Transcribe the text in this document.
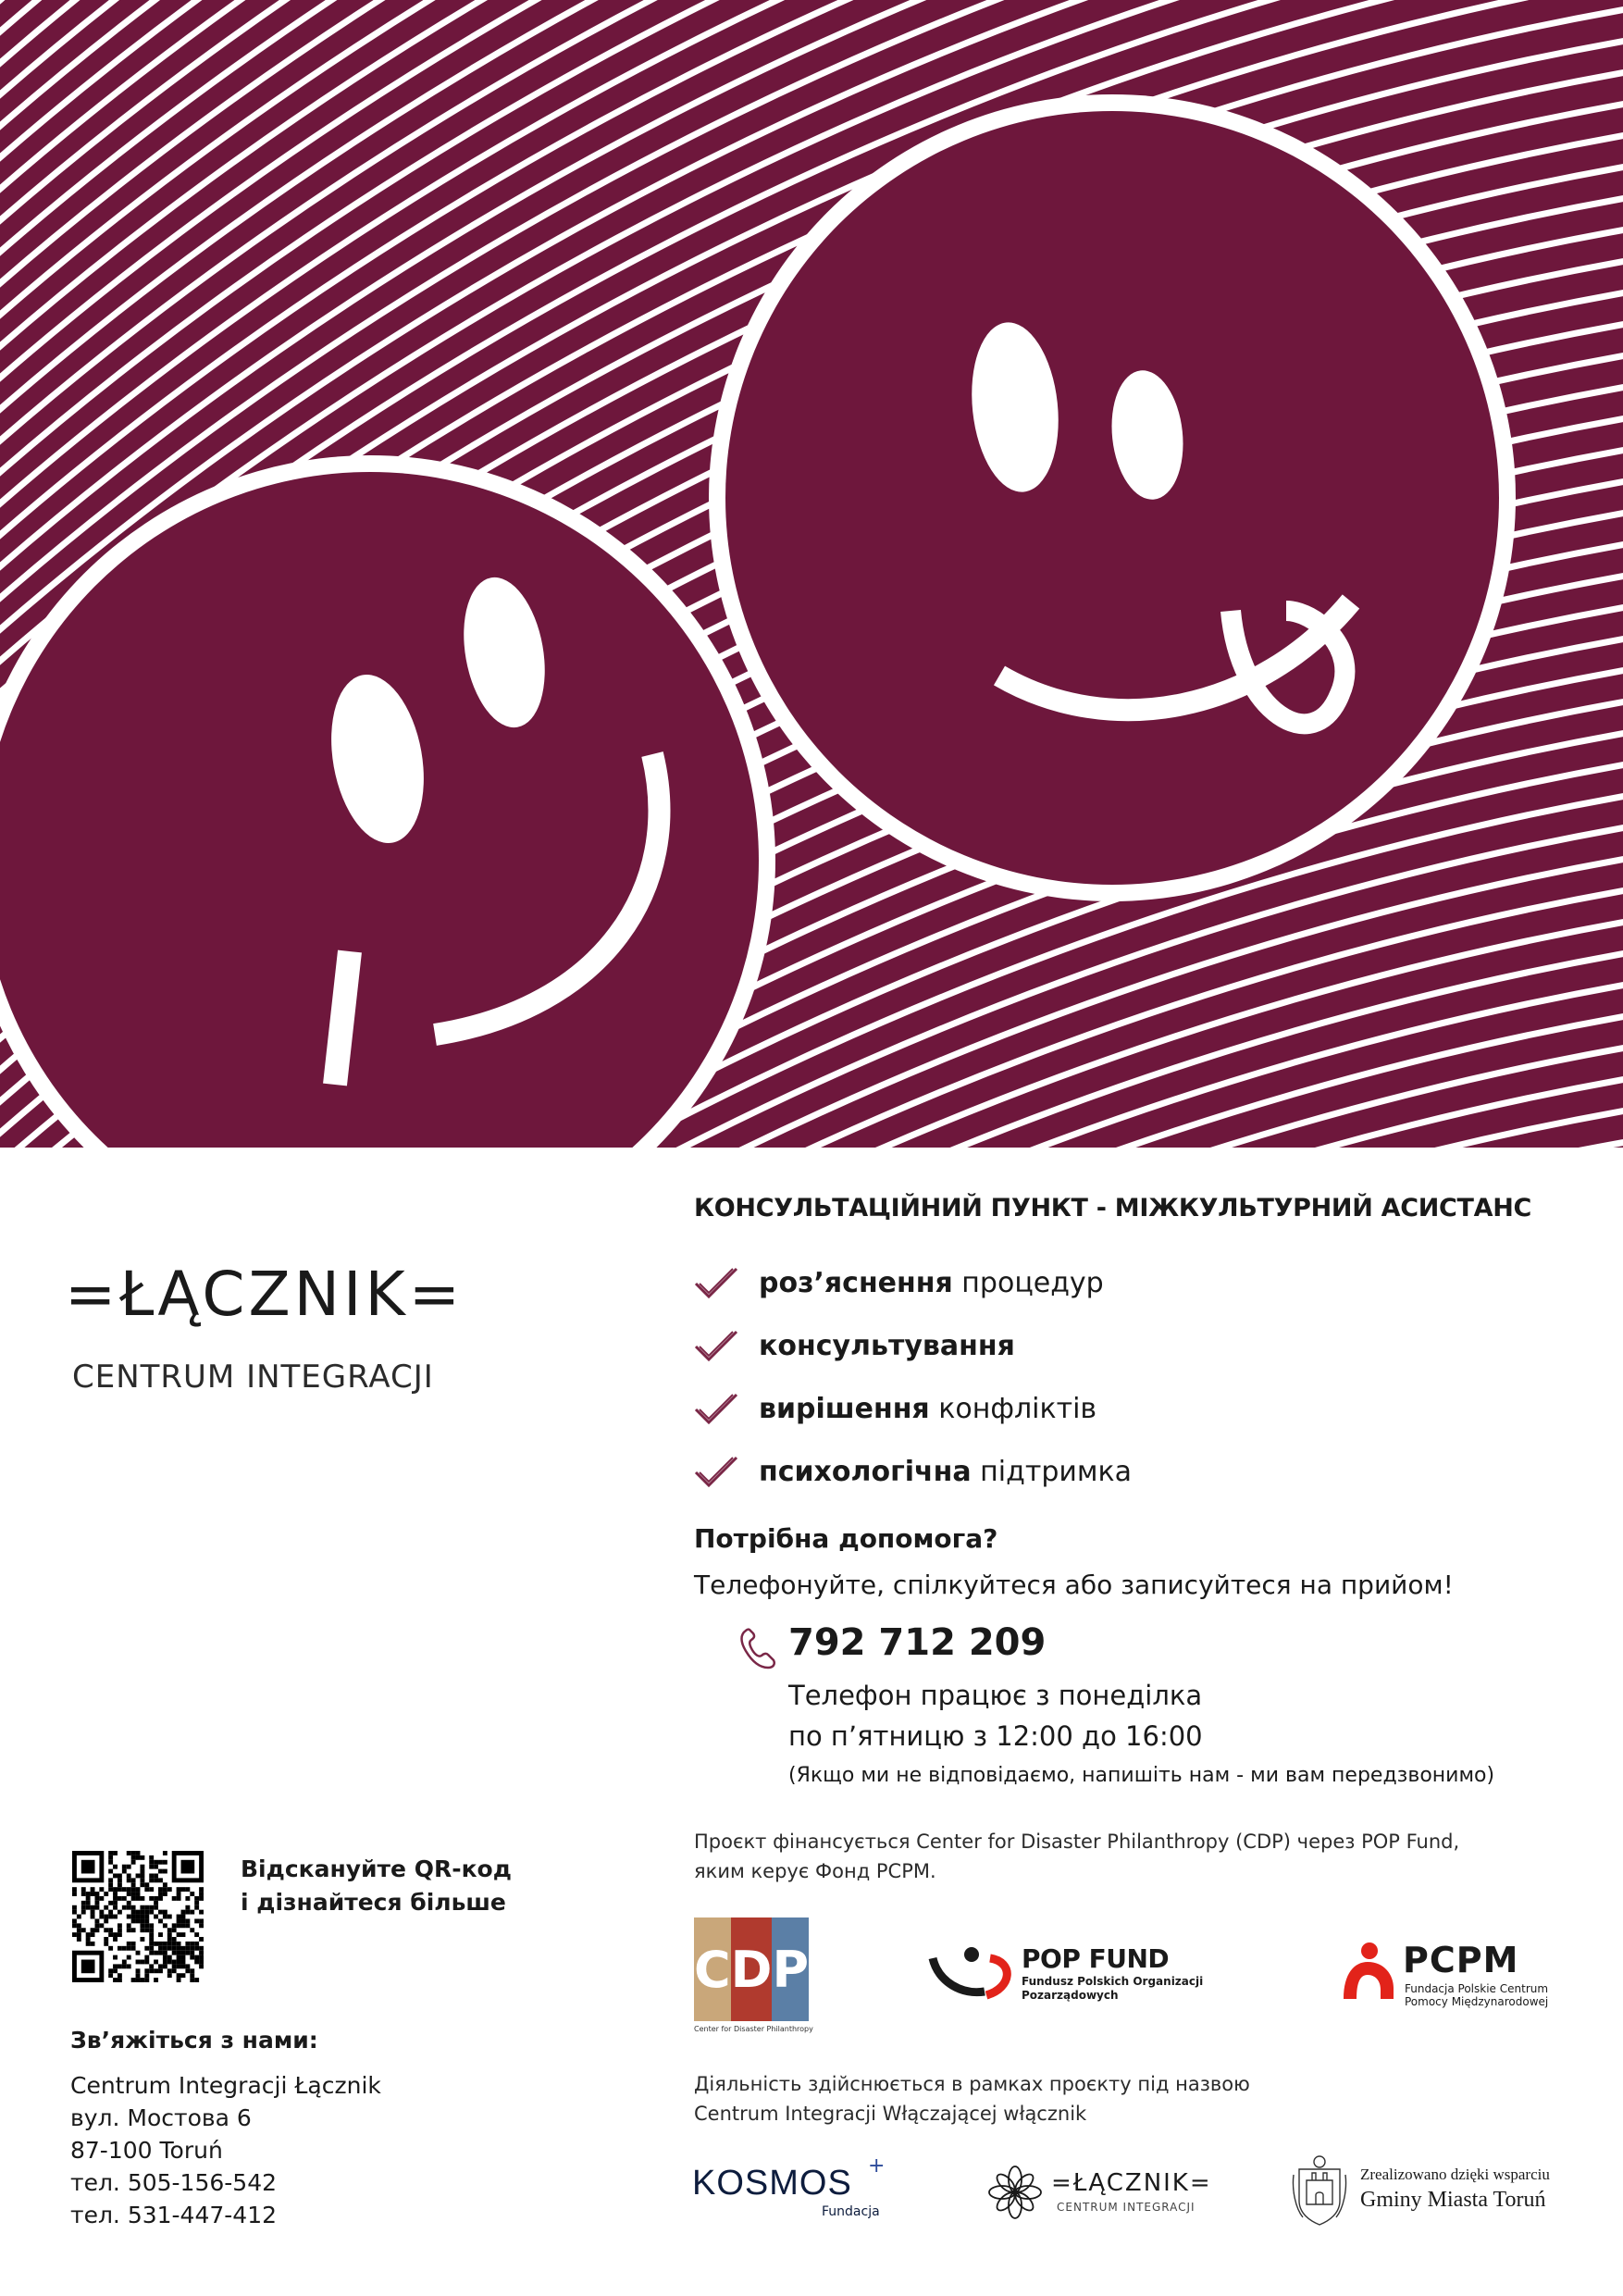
=ŁĄCZNIK=
CENTRUM INTEGRACJI
Відскануйте QR-код
і дізнайтеся більше
Зв’яжіться з нами:
Centrum Integracji Łącznik
вул. Мостова 6
87-100 Toruń
тел. 505-156-542
тел. 531-447-412
КОНСУЛЬТАЦІЙНИЙ ПУНКТ - МІЖКУЛЬТУРНИЙ АСИСТАНС
роз’яснення процедур
консультування
вирішення конфліктів
психологічна підтримка
Потрібна допомога?
Телефонуйте, спілкуйтеся або записуйтеся на прийом!
792 712 209
Телефон працює з понеділка
по п’ятницю з 12:00 до 16:00
(Якщо ми не відповідаємо, напишіть нам - ми вам передзвонимо)
Проєкт фінансується Center for Disaster Philanthropy (CDP) через POP Fund,
яким керує Фонд PCPM.
C D P
Center for Disaster Philanthropy
POP FUND
Fundusz Polskich Organizacji
Pozarządowych
PCPM
Fundacja Polskie Centrum
Pomocy Międzynarodowej
Діяльність здійснюється в рамках проєкту під назвою
Centrum Integracji Włączającej włącznik
KOSMOS +
Fundacja
=ŁĄCZNIK=
CENTRUM INTEGRACJI
Zrealizowano dzięki wsparciu
Gminy Miasta Toruń
